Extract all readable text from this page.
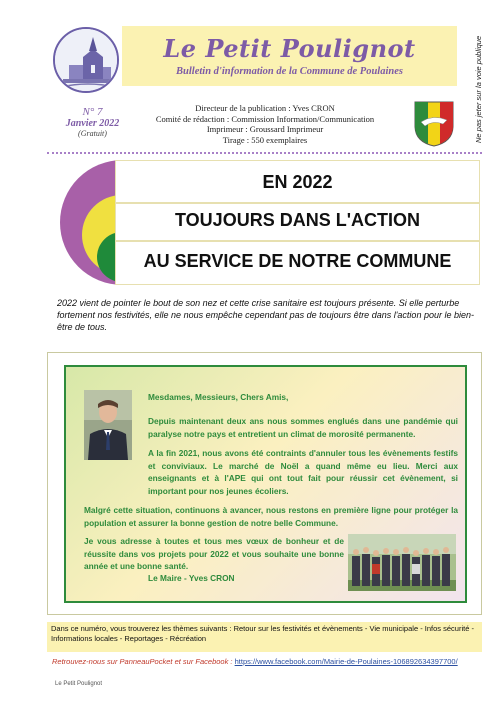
Le Petit Poulignot
Bulletin d'information de la Commune de Poulaines	Ne pas jeter sur la voie publique
N° 7
Janvier 2022
(Gratuit)
Directeur de la publication : Yves CRON
Comité de rédaction : Commission Information/Communication
Imprimeur : Groussard Imprimeur
Tirage : 550 exemplaires
EN 2022
TOUJOURS DANS L'ACTION
AU SERVICE DE NOTRE COMMUNE
2022 vient de pointer le bout de son nez et cette crise sanitaire est toujours présente. Si elle perturbe fortement nos festivités, elle ne nous empêche cependant pas de toujours être dans l'action pour le bien-être de tous.
Mesdames, Messieurs, Chers Amis,
Depuis maintenant deux ans nous sommes englués dans une pandémie qui paralyse notre pays et entretient un climat de morosité permanente.
A la fin 2021, nous avons été contraints d'annuler tous les évènements festifs et conviviaux. Le marché de Noël a quand même eu lieu. Merci aux enseignants et à l'APE qui ont tout fait pour réussir cet évènement, si important pour nos jeunes écoliers.
Malgré cette situation, continuons à avancer, nous restons en première ligne pour protéger la population et assurer la bonne gestion de notre belle Commune.
Je vous adresse à toutes et tous mes vœux de bonheur et de réussite dans vos projets pour 2022 et vous souhaite une bonne année et une bonne santé.
Le Maire - Yves CRON
Dans ce numéro, vous trouverez les thèmes suivants : Retour sur les festivités et évènements - Vie municipale - Infos sécurité - Informations locales - Reportages - Récréation
Retrouvez-nous sur PanneauPocket et sur Facebook : https://www.facebook.com/Mairie-de-Poulaines-106892634397700/
Le Petit Poulignot
